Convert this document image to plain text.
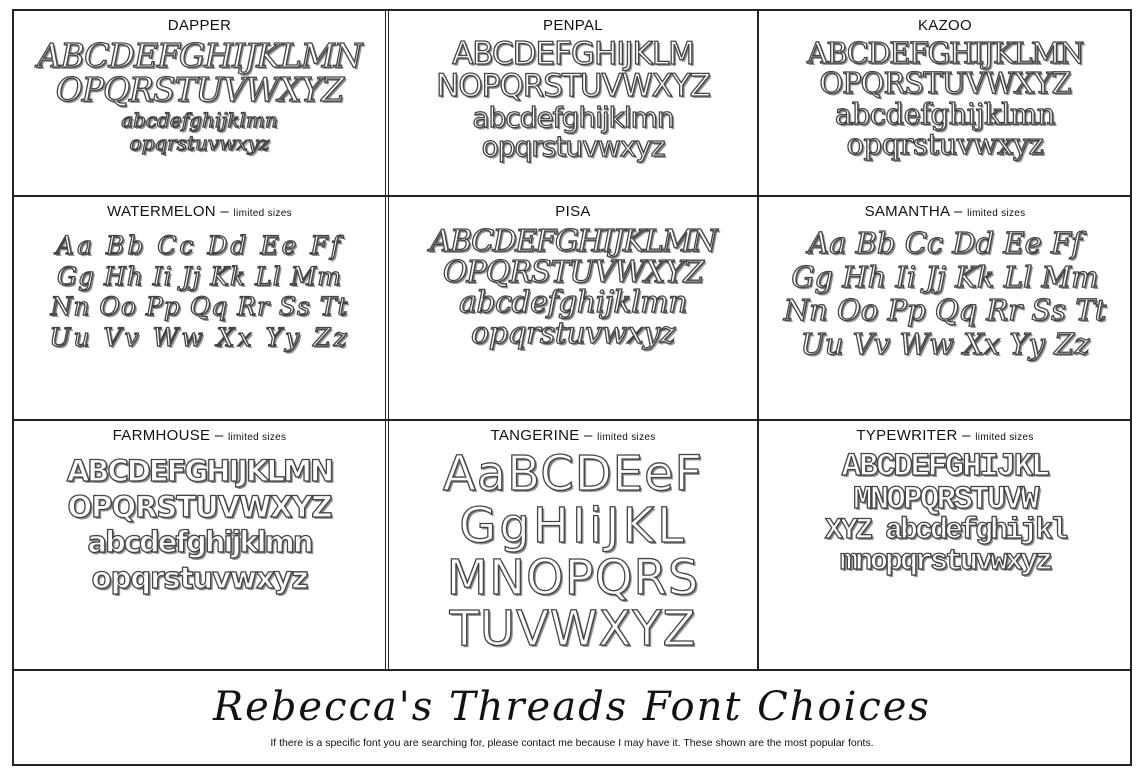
DAPPER
ABCDEFGHIJKLMN
OPQRSTUVWXYZ
abcdefghijklmn
opqrstuvwxyz
PENPAL
ABCDEFGHIJKLM
NOPQRSTUVWXYZ
abcdefghijklmn
opqrstuvwxyz
KAZOO
ABCDEFGHIJKLMN
OPQRSTUVWXYZ
abcdefghijklmn
opqrstuvwxyz
WATERMELON – limited sizes
Aa Bb Cc Dd Ee Ff
Gg Hh Ii Jj Kk Ll Mm
Nn Oo Pp Qq Rr Ss Tt
Uu Vv Ww Xx Yy Zz
PISA
ABCDEFGHIJKLMN
OPQRSTUVWXYZ
abcdefghijklmn
opqrstuvwxyz
SAMANTHA – limited sizes
Aa Bb Cc Dd Ee Ff
Gg Hh Ii Jj Kk Ll Mm
Nn Oo Pp Qq Rr Ss Tt
Uu Vv Ww Xx Yy Zz
FARMHOUSE – limited sizes
ABCDEFGHIJKLMN
OPQRSTUVWXYZ
abcdefghijklmn
opqrstuvwxyz
TANGERINE – limited sizes
AaBCDEeF
GgHIiJKL
MNOPQRS
TUVWXYZ
TYPEWRITER – limited sizes
ABCDEFGHIJKL
MNOPQRSTUVW
XYZ abcdefghijkl
mnopqrstuvwxyz
Rebecca's Threads Font Choices
If there is a specific font you are searching for, please contact me because I may have it. These shown are the most popular fonts.
